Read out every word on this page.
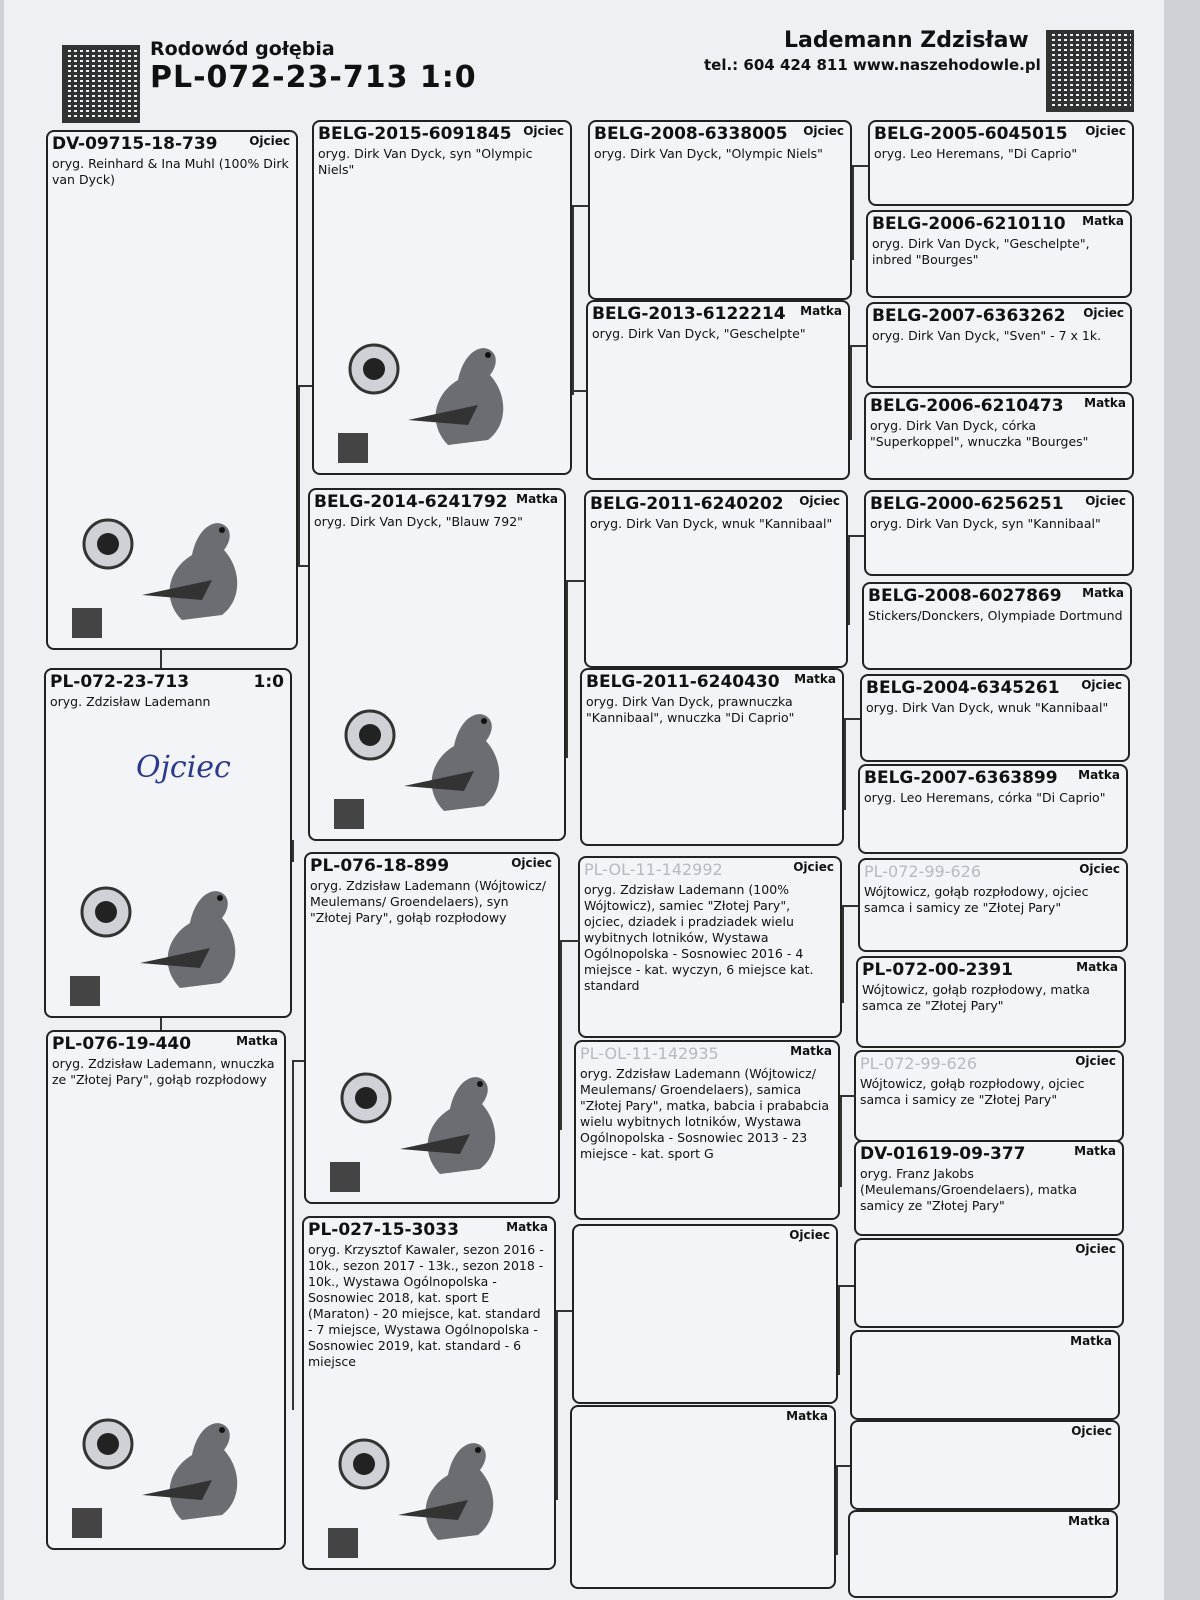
Rodowód gołębia
PL-072-23-713 1:0
Lademann Zdzisław
tel.: 604 424 811 www.naszehodowle.pl
DV-09715-18-739	Ojciec
oryg. Reinhard & Ina Muhl (100% Dirk van Dyck)
PL-072-23-713	1:0
oryg. Zdzisław Lademann
PL-076-19-440	Matka
oryg. Zdzisław Lademann, wnuczka ze "Złotej Pary", gołąb rozpłodowy
BELG-2015-6091845 Ojciec
oryg. Dirk Van Dyck, syn "Olympic Niels"
BELG-2014-6241792 Matka
oryg. Dirk Van Dyck, "Blauw 792"
PL-076-18-899	Ojciec
oryg. Zdzisław Lademann (Wójtowicz/ Meulemans/ Groendelaers), syn "Złotej Pary", gołąb rozpłodowy
PL-027-15-3033	Matka
oryg. Krzysztof Kawaler, sezon 2016 - 10k., sezon 2017 - 13k., sezon 2018 - 10k., Wystawa Ogólnopolska - Sosnowiec 2018, kat. sport E (Maraton) - 20 miejsce, kat. standard - 7 miejsce, Wystawa Ogólnopolska - Sosnowiec 2019, kat. standard - 6 miejsce
BELG-2008-6338005 Ojciec
oryg. Dirk Van Dyck, "Olympic Niels"
BELG-2013-6122214 Matka
oryg. Dirk Van Dyck, "Geschelpte"
BELG-2011-6240202 Ojciec
oryg. Dirk Van Dyck, wnuk "Kannibaal"
BELG-2011-6240430 Matka
oryg. Dirk Van Dyck, prawnuczka "Kannibaal", wnuczka "Di Caprio"
PL-OL-11-142992	Ojciec
oryg. Zdzisław Lademann (100% Wójtowicz), samiec "Złotej Pary", ojciec, dziadek i pradziadek wielu wybitnych lotników, Wystawa Ogólnopolska - Sosnowiec 2016 - 4 miejsce - kat. wyczyn, 6 miejsce kat. standard
PL-OL-11-142935	Matka
oryg. Zdzisław Lademann (Wójtowicz/ Meulemans/ Groendelaers), samica "Złotej Pary", matka, babcia i prababcia wielu wybitnych lotników, Wystawa Ogólnopolska - Sosnowiec 2013 - 23 miejsce - kat. sport G
Ojciec
Matka
BELG-2005-6045015 Ojciec
oryg. Leo Heremans, "Di Caprio"
BELG-2006-6210110 Matka
oryg. Dirk Van Dyck, "Geschelpte", inbred "Bourges"
BELG-2007-6363262 Ojciec
oryg. Dirk Van Dyck, "Sven" - 7 x 1k.
BELG-2006-6210473 Matka
oryg. Dirk Van Dyck, córka "Superkoppel", wnuczka "Bourges"
BELG-2000-6256251 Ojciec
oryg. Dirk Van Dyck, syn "Kannibaal"
BELG-2008-6027869 Matka
Stickers/Donckers, Olympiade Dortmund
BELG-2004-6345261 Ojciec
oryg. Dirk Van Dyck, wnuk "Kannibaal"
BELG-2007-6363899 Matka
oryg. Leo Heremans, córka "Di Caprio"
PL-072-99-626	Ojciec
Wójtowicz, gołąb rozpłodowy, ojciec samca i samicy ze "Złotej Pary"
PL-072-00-2391	Matka
Wójtowicz, gołąb rozpłodowy, matka samca ze "Złotej Pary"
PL-072-99-626	Ojciec
Wójtowicz, gołąb rozpłodowy, ojciec samca i samicy ze "Złotej Pary"
DV-01619-09-377	Matka
oryg. Franz Jakobs (Meulemans/Groendelaers), matka samicy ze "Złotej Pary"
Ojciec
Matka
Ojciec
Matka
Ojciec
